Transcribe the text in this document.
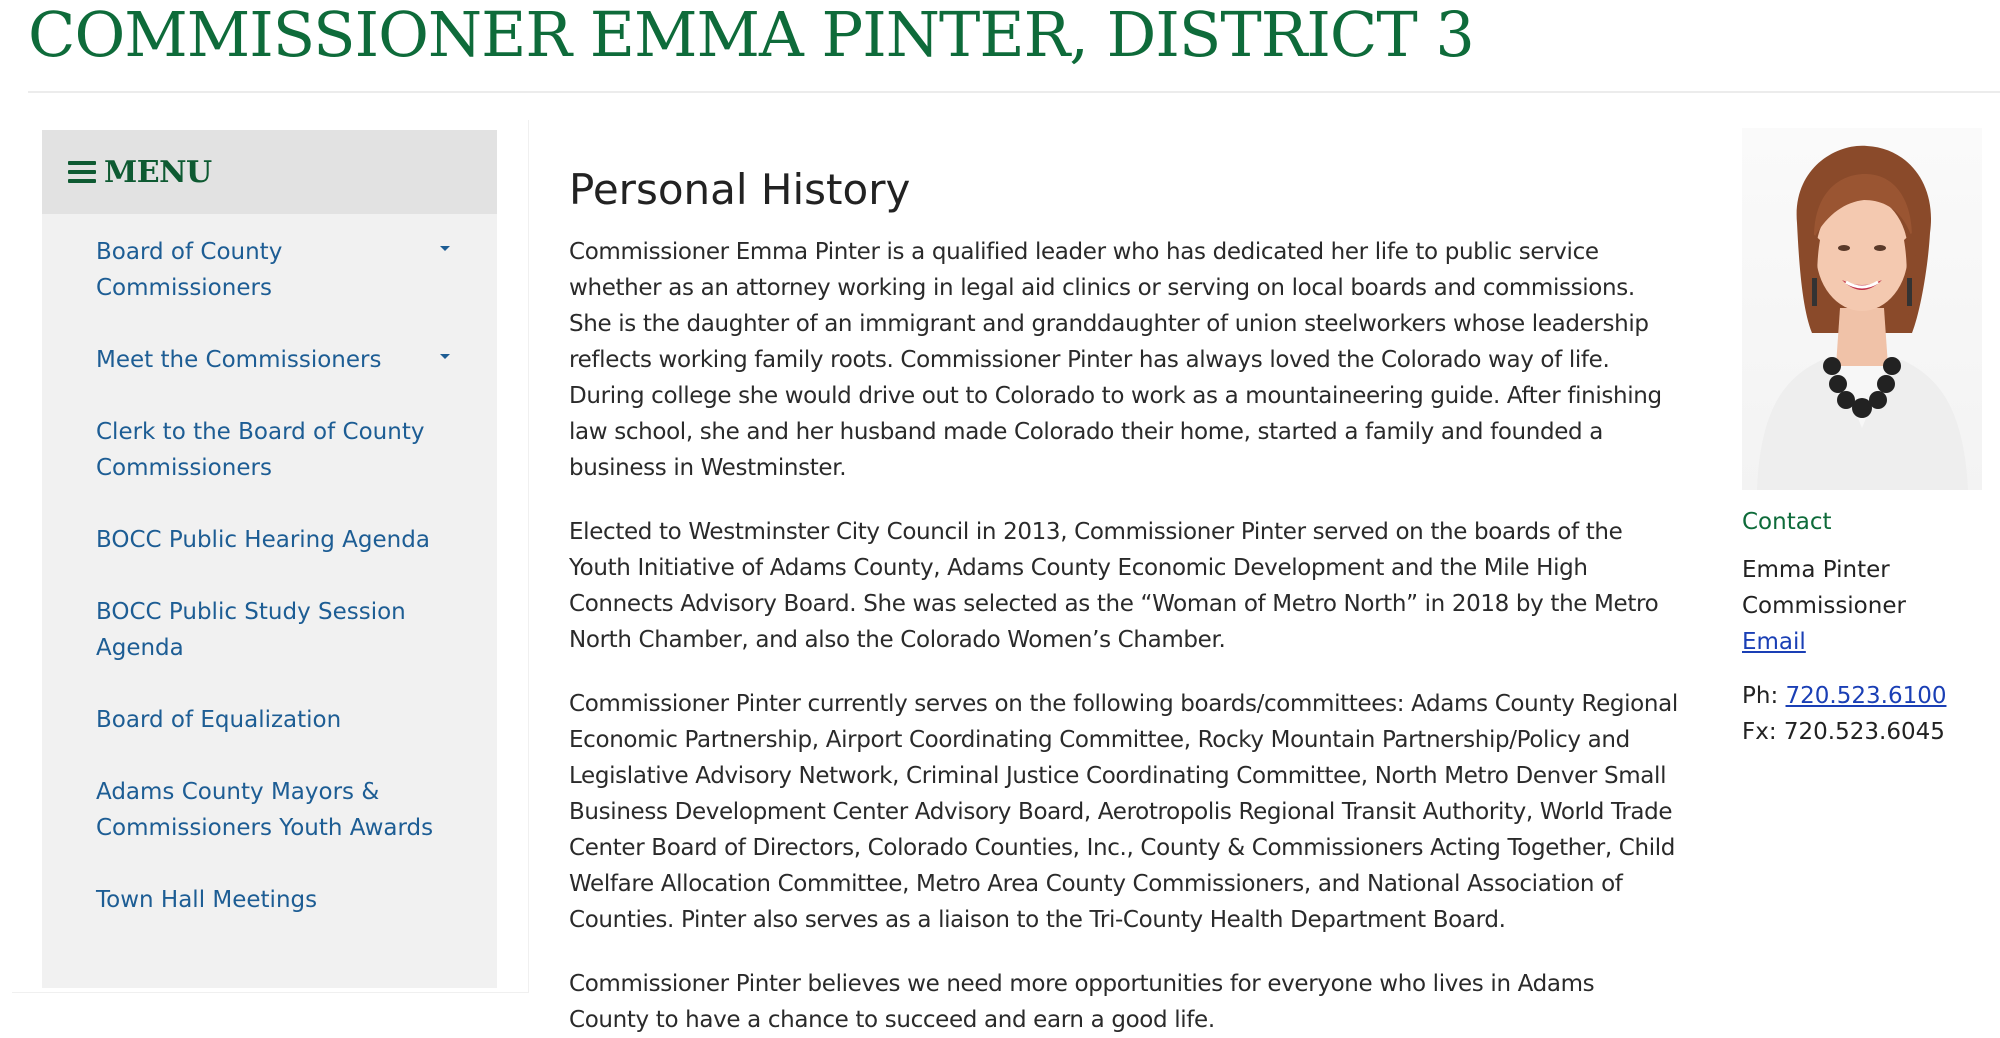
COMMISSIONER EMMA PINTER, DISTRICT 3
MENU
Board of County Commissioners
Meet the Commissioners
Clerk to the Board of County Commissioners
BOCC Public Hearing Agenda
BOCC Public Study Session Agenda
Board of Equalization
Adams County Mayors & Commissioners Youth Awards
Town Hall Meetings
Personal History

Commissioner Emma Pinter is a qualified leader who has dedicated her life to public service whether as an attorney working in legal aid clinics or serving on local boards and commissions. She is the daughter of an immigrant and granddaughter of union steelworkers whose leadership reflects working family roots. Commissioner Pinter has always loved the Colorado way of life. During college she would drive out to Colorado to work as a mountaineering guide. After finishing law school, she and her husband made Colorado their home, started a family and founded a business in Westminster.

Elected to Westminster City Council in 2013, Commissioner Pinter served on the boards of the Youth Initiative of Adams County, Adams County Economic Development and the Mile High Connects Advisory Board. She was selected as the “Woman of Metro North” in 2018 by the Metro North Chamber, and also the Colorado Women’s Chamber.

Commissioner Pinter currently serves on the following boards/committees: Adams County Regional Economic Partnership, Airport Coordinating Committee, Rocky Mountain Partnership/Policy and Legislative Advisory Network, Criminal Justice Coordinating Committee, North Metro Denver Small Business Development Center Advisory Board, Aerotropolis Regional Transit Authority, World Trade Center Board of Directors, Colorado Counties, Inc., County & Commissioners Acting Together, Child Welfare Allocation Committee, Metro Area County Commissioners, and National Association of Counties. Pinter also serves as a liaison to the Tri-County Health Department Board.

Commissioner Pinter believes we need more opportunities for everyone who lives in Adams County to have a chance to succeed and earn a good life.

Contact
Emma Pinter
Commissioner
Email
Ph: 720.523.6100
Fx: 720.523.6045
